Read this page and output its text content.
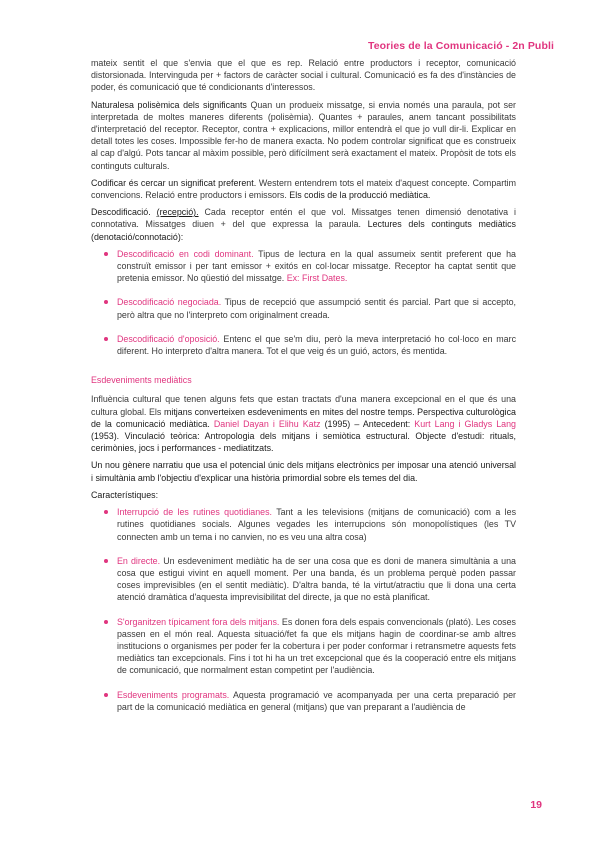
Teories de la Comunicació - 2n Publi

mateix sentit el que s'envia que el que es rep. Relació entre productors i receptor, comunicació distorsionada. Intervinguda per + factors de caràcter social i cultural. Comunicació es fa des d'instàncies de poder, és comunicació que té condicionants d'interessos.

Naturalesa polisèmica dels significants Quan un produeix missatge, si envia només una paraula, pot ser interpretada de moltes maneres diferents (polisèmia). Quantes + paraules, anem tancant possibilitats d'interpretació del receptor. Receptor, contra + explicacions, millor entendrà el que jo vull dir-li. Explicar en detall totes les coses. Impossible fer-ho de manera exacta. No podem controlar significat que es construeix al cap d'algú. Pots tancar al màxim possible, però difícilment serà exactament el mateix. Propòsit de tots els continguts culturals.

Codificar és cercar un significat preferent. Western entendrem tots el mateix d'aquest concepte. Compartim convencions. Relació entre productors i emissors. Els codis de la producció mediàtica.

Descodificació. (recepció). Cada receptor entén el que vol. Missatges tenen dimensió denotativa i connotativa. Missatges diuen + del que expressa la paraula. Lectures dels continguts mediàtics (denotació/connotació):

Descodificació en codi dominant. Tipus de lectura en la qual assumeix sentit preferent que ha construït emissor i per tant emissor + exitós en col·locar missatge. Receptor ha captat sentit que pretenia emissor. No qüestió del missatge. Ex: First Dates.
Descodificació negociada. Tipus de recepció que assumpció sentit és parcial. Part que si accepto, però altra que no l'interpreto com originalment creada.
Descodificació d'oposició. Entenc el que se'm diu, però la meva interpretació ho col·loco en marc diferent. Ho interpreto d'altra manera. Tot el que veig és un guió, actors, és mentida.
Esdeveniments mediàtics

Influència cultural que tenen alguns fets que estan tractats d'una manera excepcional en el que és una cultura global. Els mitjans converteixen esdeveniments en mites del nostre temps. Perspectiva culturològica de la comunicació mediàtica. Daniel Dayan i Elihu Katz (1995) – Antecedent: Kurt Lang i Gladys Lang (1953). Vinculació teòrica: Antropologia dels mitjans i semiòtica estructural. Objecte d'estudi: rituals, cerimònies, jocs i performances - mediatitzats.

Un nou gènere narratiu que usa el potencial únic dels mitjans electrònics per imposar una atenció universal i simultània amb l'objectiu d'explicar una història primordial sobre els temes del dia.

Característiques:

Interrupció de les rutines quotidianes. Tant a les televisions (mitjans de comunicació) com a les rutines quotidianes socials. Algunes vegades les interrupcions són monopolístiques (les TV connecten amb un tema i no canvien, no es veu una altra cosa)
En directe. Un esdeveniment mediàtic ha de ser una cosa que es doni de manera simultània a una cosa que estigui vivint en aquell moment. Per una banda, és un problema perquè poden passar coses imprevisibles (en el sentit mediàtic). D'altra banda, té la virtut/atractiu que li dona una certa atenció dramàtica d'aquesta imprevisibilitat del directe, ja que no està planificat.
S'organitzen típicament fora dels mitjans. Es donen fora dels espais convencionals (plató). Les coses passen en el món real. Aquesta situació/fet fa que els mitjans hagin de coordinar-se amb altres institucions o organismes per poder fer la cobertura i per poder conformar i retransmetre aquests fets mediàtics tan excepcionals. Fins i tot hi ha un tret excepcional que és la cooperació entre els mitjans de comunicació, que normalment estan competint per l'audiència.
Esdeveniments programats. Aquesta programació ve acompanyada per una certa preparació per part de la comunicació mediàtica en general (mitjans) que van preparant a l'audiència de
19
